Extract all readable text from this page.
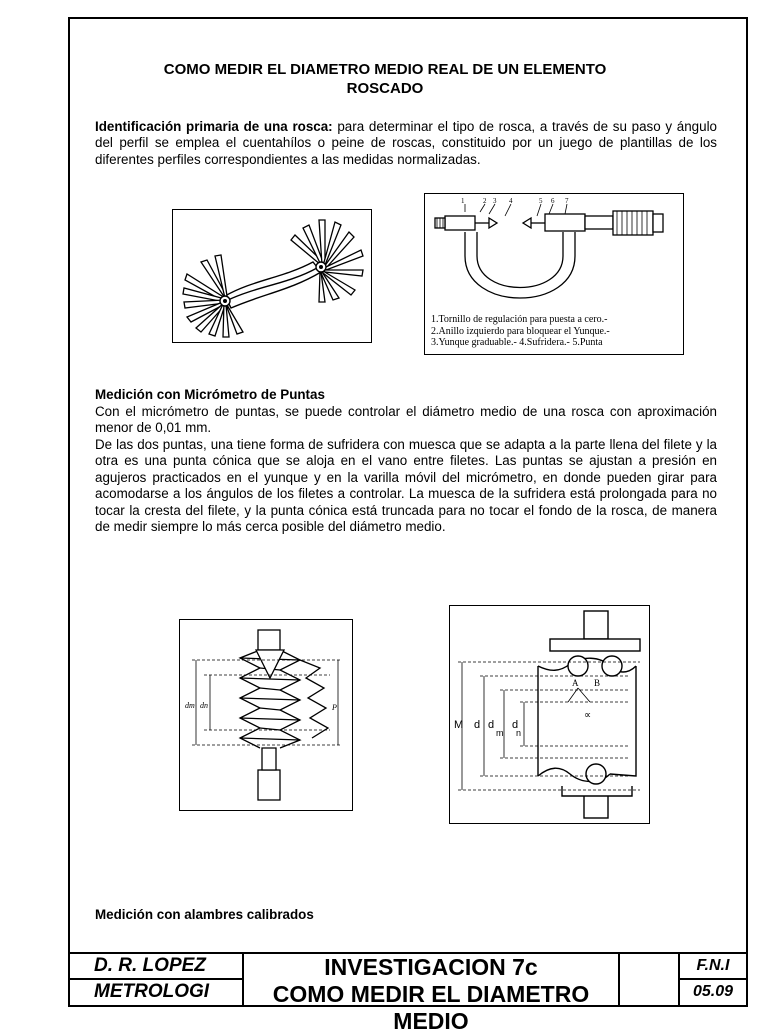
COMO MEDIR EL DIAMETRO MEDIO REAL DE UN ELEMENTO
ROSCADO
Identificación primaria de una rosca: para determinar el tipo de rosca, a través de su paso y ángulo del perfil se emplea el cuentahílos o peine de roscas, constituido por un juego de plantillas de los diferentes perfiles correspondientes a las medidas normalizadas.
1	2 3 4	5 6 7
1.Tornillo de regulación para puesta a cero.-
2.Anillo izquierdo para bloquear el Yunque.-
3.Yunque graduable.- 4.Sufridera.- 5.Punta
Medición con Micrómetro de Puntas
Con el micrómetro de puntas, se puede controlar el diámetro medio de una rosca con aproximación menor de 0,01 mm.
De las dos puntas, una tiene forma de sufridera con muesca que se adapta a la parte llena del filete y la otra es una punta cónica que se aloja en el vano entre filetes. Las puntas se ajustan a presión en agujeros practicados en el yunque y en la varilla móvil del micrómetro, en donde pueden girar para acomodarse a los ángulos de los filetes a controlar. La muesca de la sufridera está prolongada para no tocar la cresta del filete, y la punta cónica está truncada para no tocar el fondo de la rosca, de manera de medir siempre lo más cerca posible del diámetro medio.
dm dn	P
M d d
m
d
n
A B
∝
Medición con alambres calibrados
D. R. LOPEZ
METROLOGI
INVESTIGACION 7c
COMO MEDIR EL DIAMETRO
MEDIO
F.N.I
05.09
